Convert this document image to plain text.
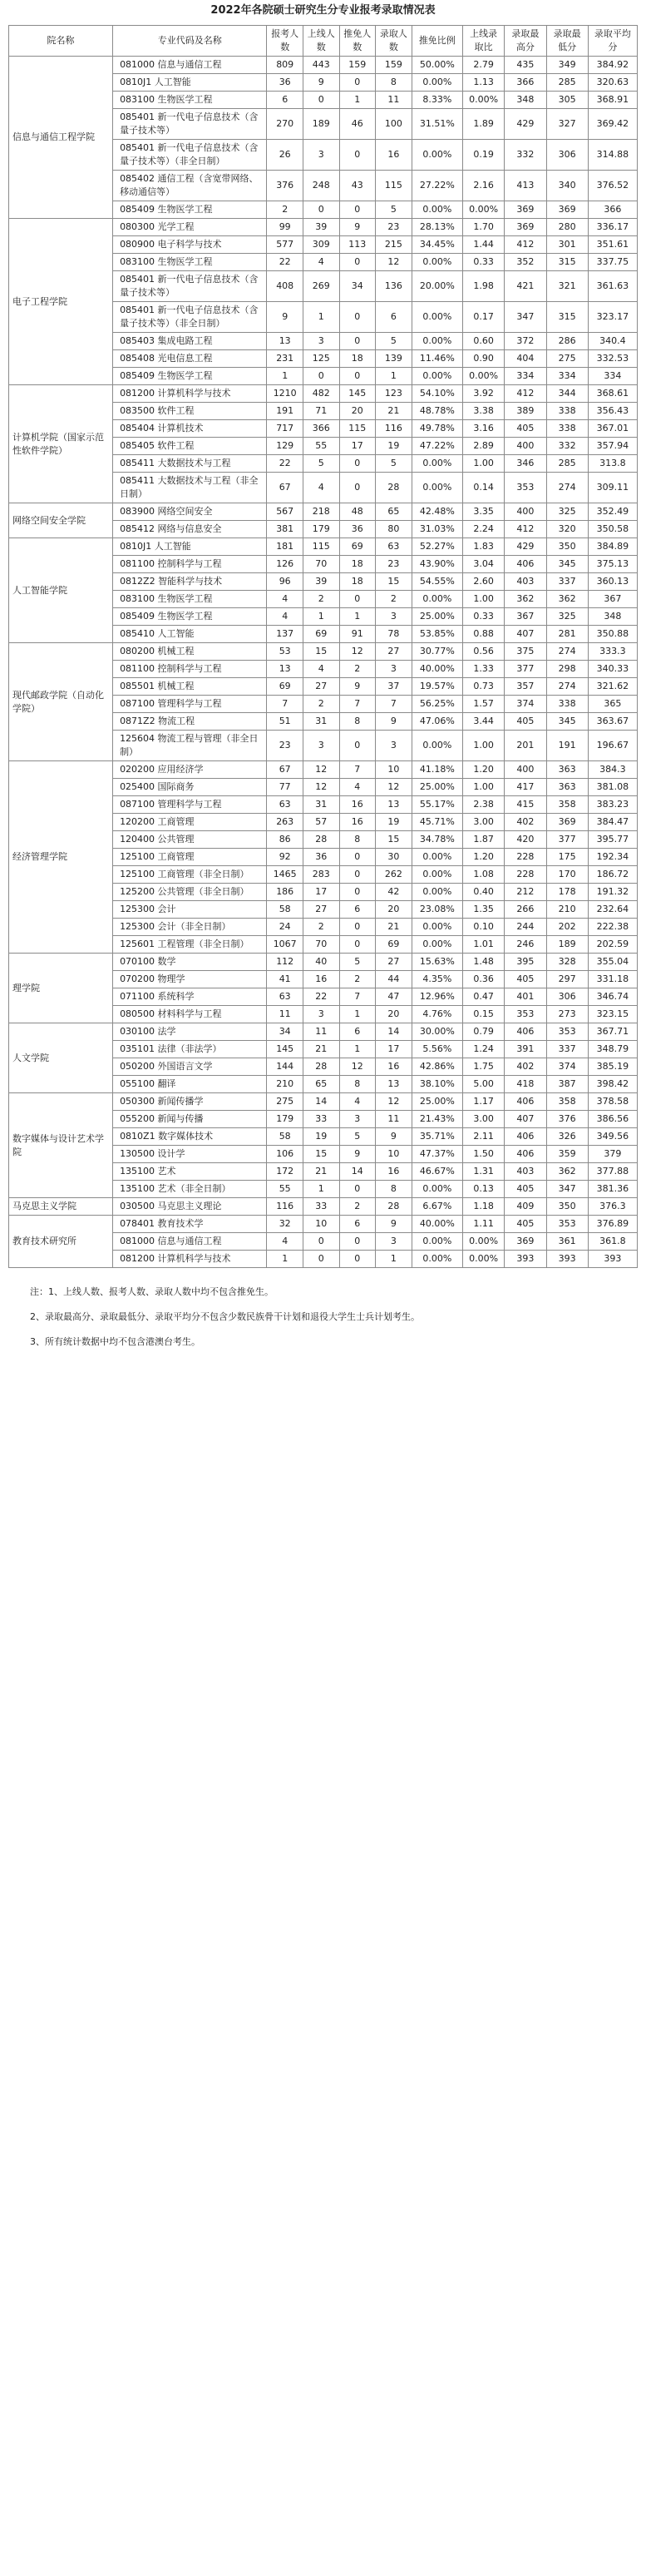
2022年各院硕士研究生分专业报考录取情况表
院名称	专业代码及名称	报考人数	上线人数	推免人数	录取人数	推免比例	上线录取比	录取最高分	录取最低分	录取平均分
信息与通信工程学院	081000 信息与通信工程	809	443	159	159	50.00%	2.79	435	349	384.92
	0810J1 人工智能	36	9	0	8	0.00%	1.13	366	285	320.63
	083100 生物医学工程	6	0	1	11	8.33%	0.00%	348	305	368.91
	085401 新一代电子信息技术（含量子技术等）	270	189	46	100	31.51%	1.89	429	327	369.42
	085401 新一代电子信息技术（含量子技术等）（非全日制）	26	3	0	16	0.00%	0.19	332	306	314.88
	085402 通信工程（含宽带网络、移动通信等）	376	248	43	115	27.22%	2.16	413	340	376.52
	085409 生物医学工程	2	0	0	5	0.00%	0.00%	369	369	366
电子工程学院	080300 光学工程	99	39	9	23	28.13%	1.70	369	280	336.17
	080900 电子科学与技术	577	309	113	215	34.45%	1.44	412	301	351.61
	083100 生物医学工程	22	4	0	12	0.00%	0.33	352	315	337.75
	085401 新一代电子信息技术（含量子技术等）	408	269	34	136	20.00%	1.98	421	321	361.63
	085401 新一代电子信息技术（含量子技术等）（非全日制）	9	1	0	6	0.00%	0.17	347	315	323.17
	085403 集成电路工程	13	3	0	5	0.00%	0.60	372	286	340.4
	085408 光电信息工程	231	125	18	139	11.46%	0.90	404	275	332.53
	085409 生物医学工程	1	0	0	1	0.00%	0.00%	334	334	334
计算机学院（国家示范性软件学院）	081200 计算机科学与技术	1210	482	145	123	54.10%	3.92	412	344	368.61
	083500 软件工程	191	71	20	21	48.78%	3.38	389	338	356.43
	085404 计算机技术	717	366	115	116	49.78%	3.16	405	338	367.01
	085405 软件工程	129	55	17	19	47.22%	2.89	400	332	357.94
	085411 大数据技术与工程	22	5	0	5	0.00%	1.00	346	285	313.8
	085411 大数据技术与工程（非全日制）	67	4	0	28	0.00%	0.14	353	274	309.11
网络空间安全学院	083900 网络空间安全	567	218	48	65	42.48%	3.35	400	325	352.49
	085412 网络与信息安全	381	179	36	80	31.03%	2.24	412	320	350.58
人工智能学院	0810J1 人工智能	181	115	69	63	52.27%	1.83	429	350	384.89
	081100 控制科学与工程	126	70	18	23	43.90%	3.04	406	345	375.13
	0812Z2 智能科学与技术	96	39	18	15	54.55%	2.60	403	337	360.13
	083100 生物医学工程	4	2	0	2	0.00%	1.00	362	362	367
	085409 生物医学工程	4	1	1	3	25.00%	0.33	367	325	348
	085410 人工智能	137	69	91	78	53.85%	0.88	407	281	350.88
现代邮政学院（自动化学院）	080200 机械工程	53	15	12	27	30.77%	0.56	375	274	333.3
	081100 控制科学与工程	13	4	2	3	40.00%	1.33	377	298	340.33
	085501 机械工程	69	27	9	37	19.57%	0.73	357	274	321.62
	087100 管理科学与工程	7	2	7	7	56.25%	1.57	374	338	365
	0871Z2 物流工程	51	31	8	9	47.06%	3.44	405	345	363.67
	125604 物流工程与管理（非全日制）	23	3	0	3	0.00%	1.00	201	191	196.67
经济管理学院	020200 应用经济学	67	12	7	10	41.18%	1.20	400	363	384.3
	025400 国际商务	77	12	4	12	25.00%	1.00	417	363	381.08
	087100 管理科学与工程	63	31	16	13	55.17%	2.38	415	358	383.23
	120200 工商管理	263	57	16	19	45.71%	3.00	402	369	384.47
	120400 公共管理	86	28	8	15	34.78%	1.87	420	377	395.77
	125100 工商管理	92	36	0	30	0.00%	1.20	228	175	192.34
	125100 工商管理（非全日制）	1465	283	0	262	0.00%	1.08	228	170	186.72
	125200 公共管理（非全日制）	186	17	0	42	0.00%	0.40	212	178	191.32
	125300 会计	58	27	6	20	23.08%	1.35	266	210	232.64
	125300 会计（非全日制）	24	2	0	21	0.00%	0.10	244	202	222.38
	125601 工程管理（非全日制）	1067	70	0	69	0.00%	1.01	246	189	202.59
理学院	070100 数学	112	40	5	27	15.63%	1.48	395	328	355.04
	070200 物理学	41	16	2	44	4.35%	0.36	405	297	331.18
	071100 系统科学	63	22	7	47	12.96%	0.47	401	306	346.74
	080500 材料科学与工程	11	3	1	20	4.76%	0.15	353	273	323.15
人文学院	030100 法学	34	11	6	14	30.00%	0.79	406	353	367.71
	035101 法律（非法学）	145	21	1	17	5.56%	1.24	391	337	348.79
	050200 外国语言文学	144	28	12	16	42.86%	1.75	402	374	385.19
	055100 翻译	210	65	8	13	38.10%	5.00	418	387	398.42
数字媒体与设计艺术学院	050300 新闻传播学	275	14	4	12	25.00%	1.17	406	358	378.58
	055200 新闻与传播	179	33	3	11	21.43%	3.00	407	376	386.56
	0810Z1 数字媒体技术	58	19	5	9	35.71%	2.11	406	326	349.56
	130500 设计学	106	15	9	10	47.37%	1.50	406	359	379
	135100 艺术	172	21	14	16	46.67%	1.31	403	362	377.88
	135100 艺术（非全日制）	55	1	0	8	0.00%	0.13	405	347	381.36
马克思主义学院	030500 马克思主义理论	116	33	2	28	6.67%	1.18	409	350	376.3
教育技术研究所	078401 教育技术学	32	10	6	9	40.00%	1.11	405	353	376.89
	081000 信息与通信工程	4	0	0	3	0.00%	0.00%	369	361	361.8
	081200 计算机科学与技术	1	0	0	1	0.00%	0.00%	393	393	393
注：1、上线人数、报考人数、录取人数中均不包含推免生。
2、录取最高分、录取最低分、录取平均分不包含少数民族骨干计划和退役大学生士兵计划考生。
3、所有统计数据中均不包含港澳台考生。
